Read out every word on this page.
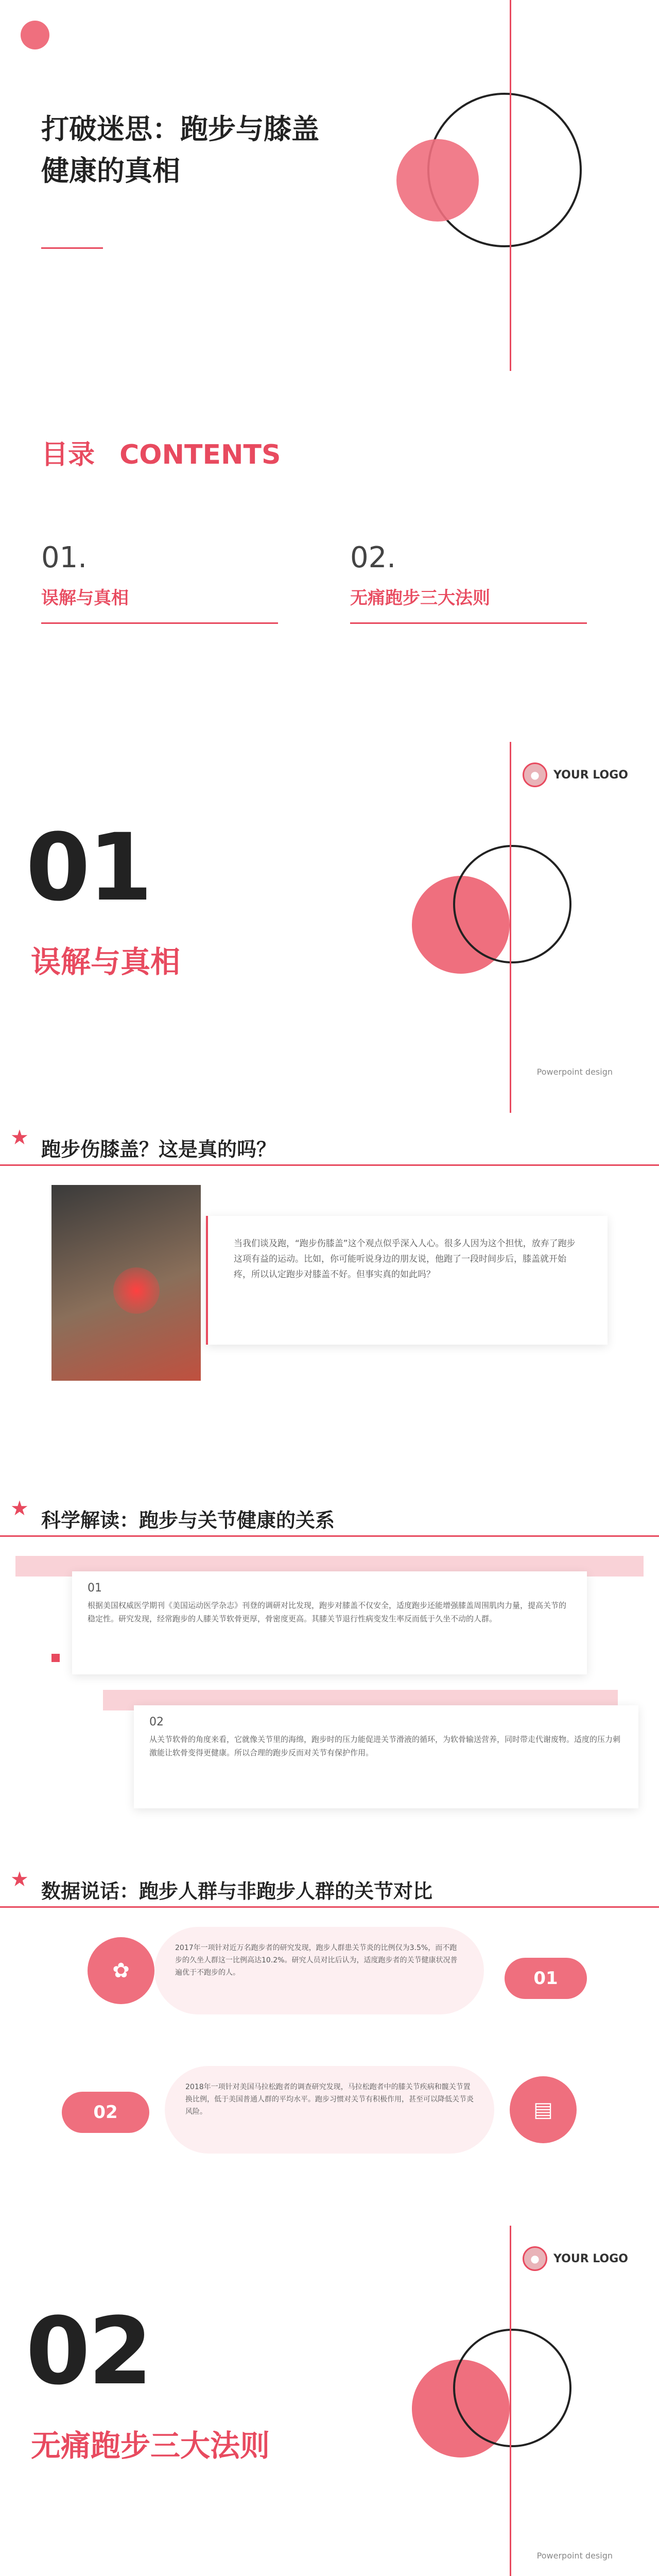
打破迷思：跑步与膝盖健康的真相
目录 CONTENTS
01.
误解与真相
02.
无痛跑步三大法则
●	YOUR LOGO
01
误解与真相
Powerpoint design
★ 跑步伤膝盖？这是真的吗？
当我们谈及跑，“跑步伤膝盖”这个观点似乎深入人心。很多人因为这个担忧，放弃了跑步这项有益的运动。比如，你可能听说身边的朋友说，他跑了一段时间步后，膝盖就开始疼，所以认定跑步对膝盖不好。但事实真的如此吗？
★ 科学解读：跑步与关节健康的关系
01
根据美国权威医学期刊《美国运动医学杂志》刊登的调研对比发现，跑步对膝盖不仅安全，适度跑步还能增强膝盖周围肌肉力量，提高关节的稳定性。研究发现，经常跑步的人膝关节软骨更厚，骨密度更高。其膝关节退行性病变发生率反而低于久坐不动的人群。
02
从关节软骨的角度来看，它就像关节里的海绵，跑步时的压力能促进关节滑液的循环，为软骨输送营养，同时带走代谢废物。适度的压力刺激能让软骨变得更健康。所以合理的跑步反而对关节有保护作用。
★ 数据说话：跑步人群与非跑步人群的关节对比
✿
2017年一项针对近万名跑步者的研究发现，跑步人群患关节炎的比例仅为3.5%，而不跑步的久坐人群这一比例高达10.2%。研究人员对比后认为，适度跑步者的关节健康状况普遍优于不跑步的人。	01
02
2018年一项针对美国马拉松跑者的调查研究发现，马拉松跑者中的膝关节疾病和髋关节置换比例，低于美国普通人群的平均水平。跑步习惯对关节有积极作用，甚至可以降低关节炎风险。	▤
●	YOUR LOGO
02
无痛跑步三大法则
Powerpoint design
